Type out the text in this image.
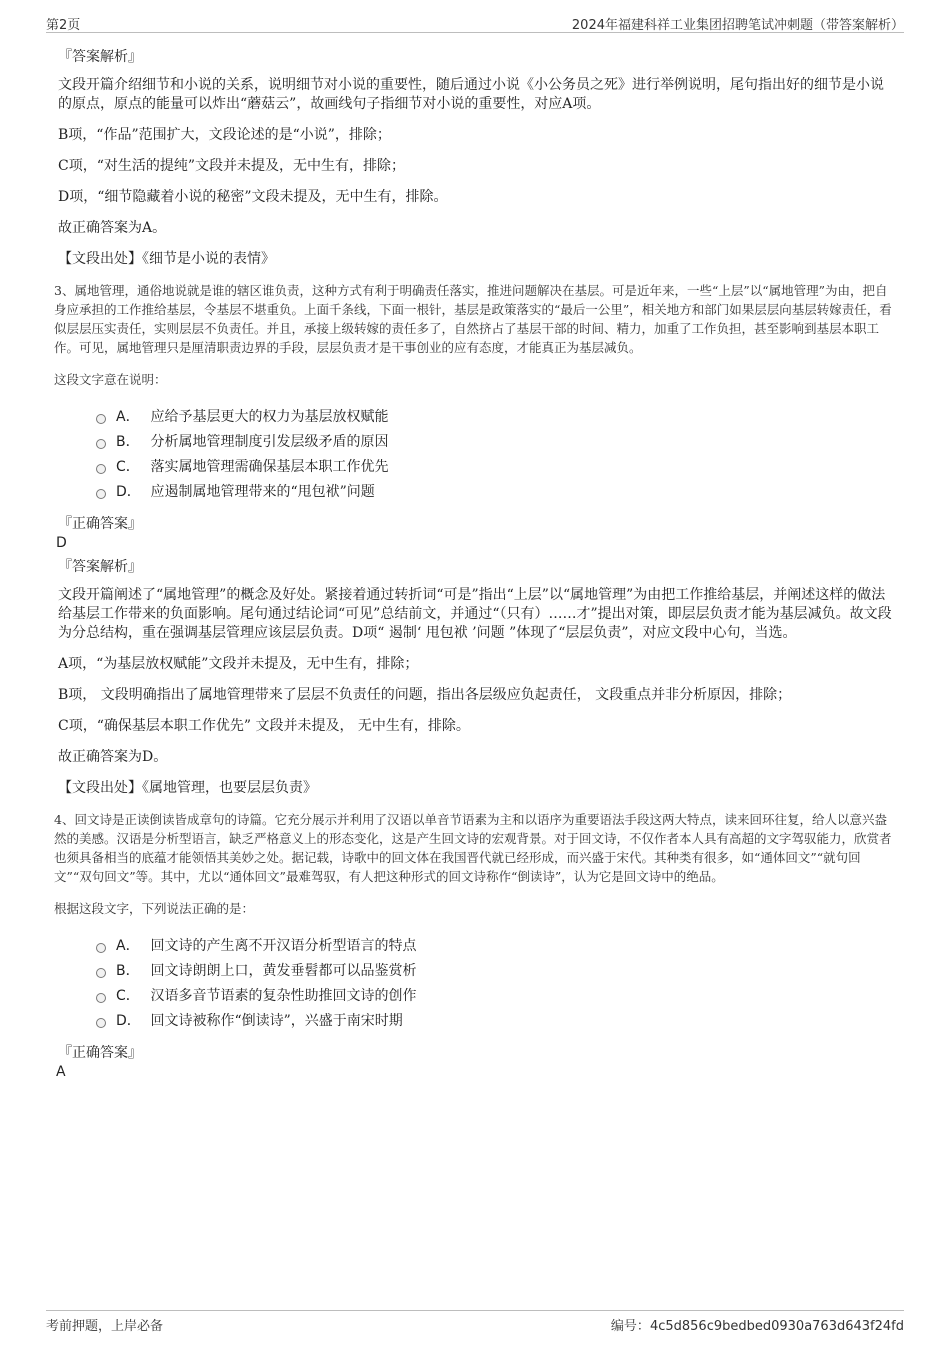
第2页	2024年福建科祥工业集团招聘笔试冲刺题（带答案解析）
『答案解析』
文段开篇介绍细节和小说的关系，说明细节对小说的重要性，随后通过小说《小公务员之死》进行举例说明，尾句指出好的细节是小说的原点，原点的能量可以炸出“蘑菇云”，故画线句子指细节对小说的重要性，对应A项。
B项，“作品”范围扩大，文段论述的是“小说”，排除；
C项，“对生活的提纯”文段并未提及，无中生有，排除；
D项，“细节隐藏着小说的秘密”文段未提及，无中生有，排除。
故正确答案为A。
【文段出处】《细节是小说的表情》
3、属地管理，通俗地说就是谁的辖区谁负责，这种方式有利于明确责任落实，推进问题解决在基层。可是近年来，一些“上层”以“属地管理”为由，把自身应承担的工作推给基层，令基层不堪重负。上面千条线，下面一根针，基层是政策落实的“最后一公里”，相关地方和部门如果层层向基层转嫁责任，看似层层压实责任，实则层层不负责任。并且，承接上级转嫁的责任多了，自然挤占了基层干部的时间、精力，加重了工作负担，甚至影响到基层本职工作。可见，属地管理只是厘清职责边界的手段，层层负责才是干事创业的应有态度，才能真正为基层减负。
这段文字意在说明：
A． 应给予基层更大的权力为基层放权赋能
B． 分析属地管理制度引发层级矛盾的原因
C． 落实属地管理需确保基层本职工作优先
D． 应遏制属地管理带来的“甩包袱”问题
『正确答案』
D
『答案解析』
文段开篇阐述了“属地管理”的概念及好处。紧接着通过转折词“可是”指出“上层”以“属地管理”为由把工作推给基层，并阐述这样的做法给基层工作带来的负面影响。尾句通过结论词“可见”总结前文，并通过“（只有）……才”提出对策，即层层负责才能为基层减负。故文段为分总结构，重在强调基层管理应该层层负责。D项“ 遏制‘ 甩包袱 ’问题 ”体现了“层层负责”，对应文段中心句，当选。
A项，“为基层放权赋能”文段并未提及，无中生有，排除；
B项， 文段明确指出了属地管理带来了层层不负责任的问题，指出各层级应负起责任， 文段重点并非分析原因，排除；
C项，“确保基层本职工作优先” 文段并未提及， 无中生有，排除。
故正确答案为D。
【文段出处】《属地管理，也要层层负责》
4、回文诗是正读倒读皆成章句的诗篇。它充分展示并利用了汉语以单音节语素为主和以语序为重要语法手段这两大特点，读来回环往复，给人以意兴盎然的美感。汉语是分析型语言，缺乏严格意义上的形态变化，这是产生回文诗的宏观背景。对于回文诗，不仅作者本人具有高超的文字驾驭能力，欣赏者也须具备相当的底蕴才能领悟其美妙之处。据记载，诗歌中的回文体在我国晋代就已经形成，而兴盛于宋代。其种类有很多，如“通体回文”“就句回文”“双句回文”等。其中，尤以“通体回文”最难驾驭，有人把这种形式的回文诗称作“倒读诗”，认为它是回文诗中的绝品。
根据这段文字，下列说法正确的是：
A． 回文诗的产生离不开汉语分析型语言的特点
B． 回文诗朗朗上口，黄发垂髫都可以品鉴赏析
C． 汉语多音节语素的复杂性助推回文诗的创作
D． 回文诗被称作“倒读诗”，兴盛于南宋时期
『正确答案』
A
考前押题，上岸必备	编号：4c5d856c9bedbed0930a763d643f24fd
